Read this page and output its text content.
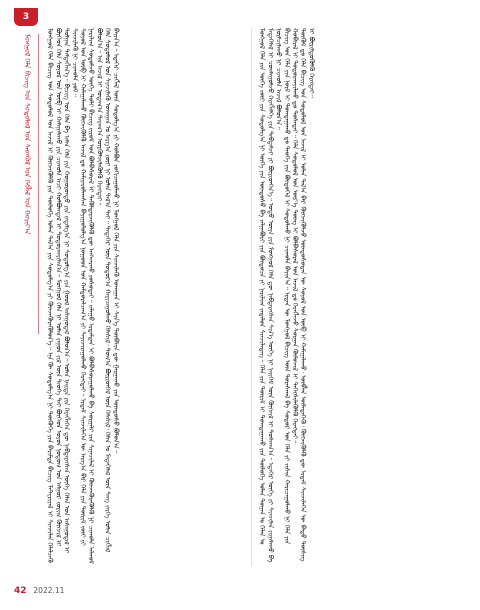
3
ᠮᠣᠩᠭᠣᠯ ᠬᠡᠯᠡ ᠪᠢᠴᠢᠭ ᠤᠨ ᠰᠤᠳᠤᠯᠤᠯ ᠤᠨ ᠰᠡᠳᠬᠦᠯ ᠤᠨ ᠬᠡᠪᠯᠡᠯ ᠤᠨ ᠬᠣᠷᠢᠶ᠎ᠠ	ᠮᠣᠩᠭᠣᠯ ᠬᠡᠯᠡ ᠪᠢᠴᠢᠭ ᠤᠨ ᠰᠤᠳᠤᠯᠤᠯ ᠤᠨ ᠠᠵᠢᠯ ᠢ ᠬᠥᠭᠵᠢᠭᠦᠯᠬᠦ ᠶᠢᠨ ᠲᠥᠯᠥᠭᠡ ᠣᠯᠠᠨ ᠲᠠᠯ᠎ᠠ ᠶᠢᠨ ᠰᠤᠳᠤᠯᠭ᠎ᠠ ᠶᠢ ᠭᠦᠨᠵᠡᠭᠦᠷᠡᠭᠦᠯᠦᠨ᠎ᠡ᠃ ᠡᠨᠡ ᠬᠦ ᠰᠤᠳᠤᠯᠭ᠎ᠠ ᠨᠢ ᠲᠦᠭᠦᠬᠡ ᠶᠢᠨ ᠪᠠᠷᠢᠮᠲᠠ ᠪᠢᠴᠢᠭ ᠮᠠᠲ᠋ᠧᠷᠢᠶᠠᠯ ᠢ ᠰᠢᠨᠵᠢᠯᠡᠨ ᠬᠡᠯᠡᠯᠴᠡᠬᠦ ᠪᠥᠭᠡᠳ ᠬᠡᠯᠡ ᠰᠣᠶᠤᠯ ᠤᠨ ᠥᠪ ᠢ ᠬᠠᠮᠠᠭᠠᠯᠠᠬᠤ ᠶᠢᠨ ᠴᠢᠬᠤᠯᠠ ᠠᠴᠢ ᠬᠣᠯᠪᠣᠭᠳᠠᠯ ᠢ ᠲᠣᠳᠣᠷᠬᠠᠶᠢᠯᠠᠨ᠎ᠠ᠃ ᠮᠣᠩᠭᠣᠯ ᠬᠡᠯᠡ ᠨᠢ ᠣᠯᠠᠨ ᠵᠠᠭᠤᠨ ᠵᠢᠯ ᠦᠨ ᠲᠡᠦᠬᠡ ᠲᠠᠢ ᠪᠥᠭᠡᠳ ᠤᠷᠤᠨ ᠨᠤᠲᠤᠭ ᠤᠨ ᠠᠯᠭᠤᠷ ᠵᠣᠷᠢᠭ ᠬᠥᠭᠵᠢᠯ ᠢ ᠲᠤᠯᠭᠠᠨ ᠲᠡᠮᠳᠡᠭᠯᠡᠨ᠎ᠡ᠃ ᠪᠢᠴᠢᠭ ᠤᠨ ᠬᠡᠯᠡ ᠪᠠ ᠠᠮᠠᠨ ᠬᠡᠯᠡ ᠶᠢᠨ ᠬᠣᠭᠣᠷᠣᠨᠳᠤ ᠶᠢᠨ ᠵᠠᠳᠠᠯᠭ᠎ᠠ ᠨᠢ ᠰᠤᠳᠤᠯᠭ᠎ᠠ ᠶᠢᠨ ᠭᠣᠣᠯ ᠠᠰᠠᠭᠤᠳᠠᠯ ᠪᠣᠯᠤᠨ᠎ᠠ᠃ ᠣᠯᠠᠨ ᠨᠡᠢᠲᠡ ᠶᠢᠨ ᠬᠡᠷᠡᠭᠯᠡᠭᠡᠨ ᠳᠦ ᠨᠡᠪᠲᠡᠷᠡᠭᠰᠡᠨ ᠦᠭᠡ ᠬᠡᠯᠡᠨ ᠤᠨ ᠠᠰᠠᠭᠤᠳᠠᠯ ᠢ ᠰᠢᠨᠵᠢᠯᠡᠬᠦ ᠨᠢ ᠴᠢᠬᠤᠯᠠ ᠶᠤᠮ᠃ ᠰᠣᠶᠤᠯ ᠤᠨ ᠥᠪ ᠢ ᠬᠠᠮᠠᠭᠠᠯᠠᠬᠤ ᠬᠥᠭᠵᠢᠭᠦᠯᠬᠦ ᠠᠵᠢᠯ ᠳᠤ ᠬᠠᠮᠢᠶᠠᠷᠤᠯᠠᠭᠰᠠᠨ ᠪᠠᠶᠢᠭᠤᠯᠤᠯᠭ᠎ᠠ ᠨᠤᠭᠤᠳ ᠤᠨ ᠬᠠᠮᠲᠤᠷᠠᠯᠴᠠᠭ᠎ᠠ ᠶᠢ ᠰᠠᠶᠢᠵᠢᠷᠠᠭᠤᠯᠬᠤ ᠬᠡᠷᠡᠭᠲᠡᠶ᠃ ᠡᠷᠳᠡᠮ ᠰᠢᠨᠵᠢᠯᠡᠬᠡᠨ ᠦ ᠠᠷᠭ᠎ᠠ ᠪᠠᠷ ᠬᠡᠯᠡ ᠶᠢᠨ ᠳᠦᠷᠢᠮ ᠵᠦᠢ ᠶᠢ ᠨᠠᠷᠢᠯᠢᠭ ᠰᠤᠳᠤᠯᠵᠤ ᠦᠭᠡ ᠲᠣᠯᠢ ᠪᠢᠴᠢᠭ ᠵᠢᠷᠤᠮ ᠤᠨ ᠪᠣᠯᠪᠠᠰᠤᠷᠠᠯ ᠢ ᠲᠡᠭᠦᠯᠳᠡᠷᠵᠢᠭᠦᠯᠬᠦ ᠳᠦ ᠠᠩᠬᠠᠷᠬᠤ ᠶᠣᠰᠣᠲᠠᠢ᠃ ᠵᠠᠯᠠᠭᠤ ᠡᠷᠳᠡᠮᠲᠡᠨ ᠢ ᠪᠣᠯᠪᠠᠰᠤᠷᠠᠭᠤᠯᠬᠤ ᠪᠠ ᠰᠤᠷᠭᠠᠯᠢ ᠶᠢᠨ ᠰᠢᠨᠡᠴᠢᠯᠡᠯ ᠢ ᠭᠦᠨᠵᠡᠭᠦᠷᠡᠭᠦᠯᠬᠦ ᠨᠢ ᠴᠢᠬᠤᠯᠠ ᠠᠯᠬᠤᠮ ᠪᠣᠯᠤᠨ᠎ᠠ᠃ ᠡᠨᠡ ᠠᠵᠢᠯ ᠢ ᠤᠳᠠᠭ᠎ᠠ ᠳᠠᠷᠠᠭ᠎ᠠ ᠦᠷᠭᠦᠯᠵᠢᠯᠡᠭᠦᠯᠬᠦ ᠬᠡᠷᠡᠭᠲᠡᠢ᠃ ᠬᠡᠯᠡ ᠰᠤᠳᠤᠯᠤᠯ ᠤᠨ ᠰᠢᠨᠵᠢᠯᠡᠬᠦ ᠤᠬᠠᠭᠠᠨ ᠤ ᠠᠷᠭ᠎ᠠ ᠵᠦᠢ ᠨᠢ ᠣᠯᠠᠨ ᠲᠠᠯ᠎ᠠ ᠲᠠᠢ᠃ ᠲᠡᠳᠡᠭᠡᠷ ᠦᠨ ᠳᠣᠲᠣᠷ᠎ᠠ ᠬᠠᠷᠢᠴᠠᠭᠤᠯᠬᠤ ᠬᠡᠯᠡᠰᠢᠯ᠂ ᠲᠣᠭ᠎ᠠ ᠪᠦᠷᠢᠳᠬᠡᠯ ᠦᠨ ᠬᠡᠯᠡᠰᠢᠯ᠂ ᠬᠡᠯᠡᠨ ᠤ ᠮᠡᠳᠡᠭᠡᠯᠡᠯ ᠦᠨ ᠰᠠᠩ ᠵᠡᠷᠭᠡ ᠣᠯᠠᠨ ᠴᠢᠭᠯᠡᠯ ᠪᠠᠢᠨ᠎ᠠ᠃ ᠡᠳᠡᠭᠡᠷ ᠴᠢᠭᠯᠡᠯ ᠦᠨ ᠰᠤᠳᠤᠯᠭ᠎ᠠ ᠶᠢ ᠬᠣᠯᠪᠣᠨ ᠵᠣᠬᠢᠴᠠᠭᠤᠯᠬᠤ ᠨᠢ ᠮᠣᠩᠭᠣᠯ ᠬᠡᠯᠡ ᠶᠢᠨ ᠰᠢᠨᠵᠢᠯᠡᠬᠦ ᠤᠬᠠᠭᠠᠨ ᠢ ᠰᠢᠨ᠎ᠡ ᠲᠦᠪᠰᠢᠨ ᠳᠦ ᠭᠠᠷᠭᠠᠬᠤ ᠶᠢᠨ ᠦᠨᠳᠦᠰᠦ ᠪᠣᠯᠤᠨ᠎ᠠ᠃	ᠮᠣᠩᠭᠣᠯ ᠬᠡᠯᠡ ᠶᠢᠨ ᠦᠭᠡ ᠵᠦᠢ ᠶᠢᠨ ᠰᠤᠳᠤᠯᠭ᠎ᠠ ᠨᠢ ᠦᠭᠡ ᠶᠢᠨ ᠦᠨᠳᠦᠰᠦ ᠪᠠ ᠵᠠᠯᠭᠠᠪᠤᠷᠢ ᠶᠢᠨ ᠪᠦᠲᠦᠴᠡ ᠶᠢ ᠨᠠᠷᠢᠯᠢᠭ ᠵᠠᠳᠠᠯᠤᠨ ᠰᠢᠨᠵᠢᠯᠡᠳᠡᠭ᠃ ᠬᠡᠯᠡ ᠶᠢᠨ ᠳᠦᠷᠢᠮ ᠢ ᠲᠣᠭᠲᠠᠭᠠᠬᠤ ᠶᠢᠨ ᠲᠥᠯᠥᠭᠡ ᠣᠯᠠᠨ ᠲᠣᠭᠠᠨ ᠤ ᠬᠡᠯᠡᠨ ᠤ ᠮᠡᠳᠡᠭᠡᠯᠡᠯ ᠢ ᠴᠤᠭᠯᠠᠭᠤᠯᠵᠤ ᠬᠡᠷᠡᠭᠯᠡᠯᠭᠡ ᠶᠢᠨ ᠳᠠᠪᠲᠠᠮᠵᠢ ᠶᠢ ᠪᠦᠷᠢᠳᠬᠡᠨ᠎ᠡ᠃ ᠣᠳᠣ ᠦᠶᠡ ᠶᠢᠨ ᠮᠣᠩᠭᠣᠯ ᠬᠡᠯᠡ ᠳᠦ ᠨᠡᠪᠲᠡᠷᠡᠭᠰᠡᠨ ᠰᠢᠨ᠎ᠡ ᠦᠭᠡ ᠨᠢ ᠨᠡᠢᠭᠡᠮ ᠦᠨ ᠬᠥᠭᠵᠢᠯ ᠢ ᠲᠤᠰᠬᠠᠨ᠎ᠠ᠃ ᠡᠳᠡᠭᠡᠷ ᠦᠭᠡ ᠶᠢ ᠰᠢᠨᠵᠢᠯᠡᠨ ᠵᠢᠭᠠᠯᠠᠬᠤ ᠪᠠ ᠨᠣᠷᠮᠴᠢᠯᠠᠬᠤ ᠨᠢ ᠴᠢᠬᠤᠯᠠ ᠠᠵᠢᠯ ᠪᠣᠯᠤᠨ᠎ᠠ᠃ ᠪᠢᠴᠢᠭ ᠤᠨ ᠬᠡᠯᠡ ᠶᠢᠨ ᠨᠣᠷᠮ ᠢ ᠲᠣᠭᠲᠠᠭᠠᠬᠤ ᠳᠤ ᠲᠡᠦᠬᠡ ᠶᠢᠨ ᠪᠦᠲᠦᠭᠡᠯ ᠢ ᠰᠤᠳᠤᠯᠬᠤ ᠨᠢ ᠴᠢᠬᠤᠯᠠ ᠪᠠᠶᠢᠨ᠎ᠠ᠃ ᠡᠷᠲᠡᠨ ᠦ ᠮᠣᠩᠭᠣᠯ ᠪᠢᠴᠢᠭ ᠦᠨ ᠳᠤᠷᠠᠰᠬᠠᠯ ᠪᠠ ᠰᠤᠳᠤᠷ ᠤᠨ ᠬᠡᠯᠡ ᠶᠢ ᠵᠢᠱᠢᠨ ᠬᠠᠷᠢᠴᠠᠭᠤᠯᠬᠤ ᠨᠢ ᠬᠡᠯᠡ ᠶᠢᠨ ᠬᠤᠪᠢᠷᠠᠯ ᠢ ᠲᠣᠳᠣᠷᠬᠠᠶᠢᠯᠬᠤ ᠳᠤ ᠲᠤᠰᠠᠲᠠᠢ᠃ ᠬᠡᠯᠡ ᠰᠤᠳᠤᠯᠤᠯ ᠤᠨ ᠦᠷ᠎ᠡ ᠳᠦᠩ ᠢ ᠪᠣᠯᠪᠠᠰᠤᠷᠠᠯ ᠤᠨ ᠠᠵᠢᠯ ᠳᠤ ᠬᠡᠷᠡᠭᠯᠡᠵᠦ ᠰᠤᠷᠭᠠᠨ ᠬᠥᠮᠦᠵᠢᠯ ᠢ ᠳᠡᠭᠡᠭᠰᠢᠯᠡᠭᠦᠯᠬᠦ ᠬᠡᠷᠡᠭᠲᠡᠢ᠃ ᠳᠦᠭᠦᠮ ᠳᠤ ᠬᠡᠯᠡ ᠪᠢᠴᠢᠭ ᠤᠨ ᠰᠤᠳᠤᠯᠤᠯ ᠤᠨ ᠠᠵᠢᠯ ᠢ ᠣᠯᠠᠨ ᠲᠠᠯ᠎ᠠ ᠪᠠᠷ ᠬᠥᠭᠵᠢᠭᠦᠯᠵᠦ ᠦᠨᠳᠦᠰᠦᠲᠡᠨ ᠦ ᠰᠣᠶᠤᠯ ᠤᠨ ᠥᠪ ᠢ ᠬᠠᠮᠠᠭᠠᠯᠠᠬᠤ᠂ ᠥᠪᠯᠡᠨ ᠦᠯᠡᠳᠡᠭᠡᠬᠦ᠂ ᠬᠥᠭᠵᠢᠭᠦᠯᠬᠦ ᠳᠦ ᠡᠷᠳᠡᠮ ᠰᠢᠨᠵᠢᠯᠡᠬᠡᠨ ᠦ ᠪᠠᠲᠤ ᠲᠦᠰᠢᠭ ᠢ ᠪᠦᠷᠢᠯᠳᠦᠭᠦᠯᠬᠦ ᠬᠡᠷᠡᠭᠲᠡᠢ᠃

42 2022.11
